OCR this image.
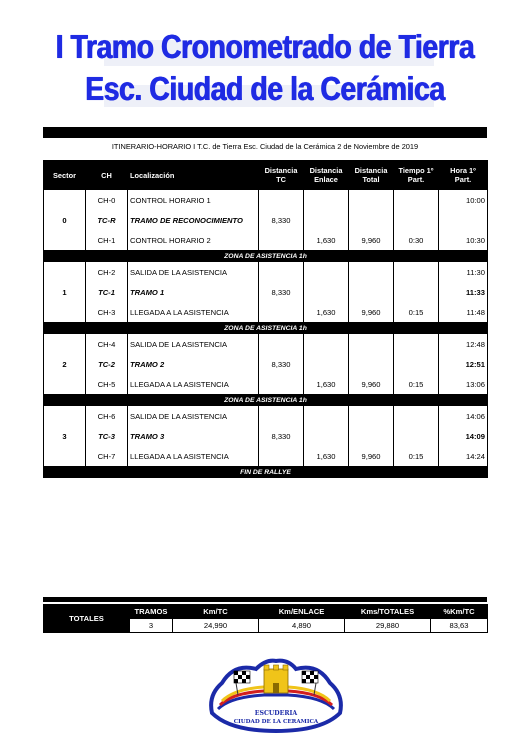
I Tramo Cronometrado de Tierra
Esc. Ciudad de la Cerámica
ITINERARIO-HORARIO I T.C. de Tierra Esc. Ciudad de la Cerámica 2 de Noviembre de 2019
Sector	CH	Localización	Distancia TC	Distancia Enlace	Distancia Total	Tiempo 1º Part.	Hora 1º Part.
0	CH-0	CONTROL HORARIO 1					10:00
	TC-R	TRAMO DE RECONOCIMIENTO	8,330				
	CH-1	CONTROL HORARIO 2		1,630	9,960	0:30	10:30
ZONA DE ASISTENCIA 1h							
1	CH-2	SALIDA DE LA ASISTENCIA					11:30
	TC-1	TRAMO 1	8,330				11:33
	CH-3	LLEGADA A LA ASISTENCIA		1,630	9,960	0:15	11:48
ZONA DE ASISTENCIA 1h							
2	CH-4	SALIDA DE LA ASISTENCIA					12:48
	TC-2	TRAMO 2	8,330				12:51
	CH-5	LLEGADA A LA ASISTENCIA		1,630	9,960	0:15	13:06
ZONA DE ASISTENCIA 1h							
3	CH-6	SALIDA DE LA ASISTENCIA					14:06
	TC-3	TRAMO 3	8,330				14:09
	CH-7	LLEGADA A LA ASISTENCIA		1,630	9,960	0:15	14:24
FIN DE RALLYE							
TOTALES	TRAMOS	Km/TC	Km/ENLACE	Kms/TOTALES	%Km/TC
	3	24,990	4,890	29,880	83,63
ESCUDERIA
CIUDAD DE LA CERAMICA
